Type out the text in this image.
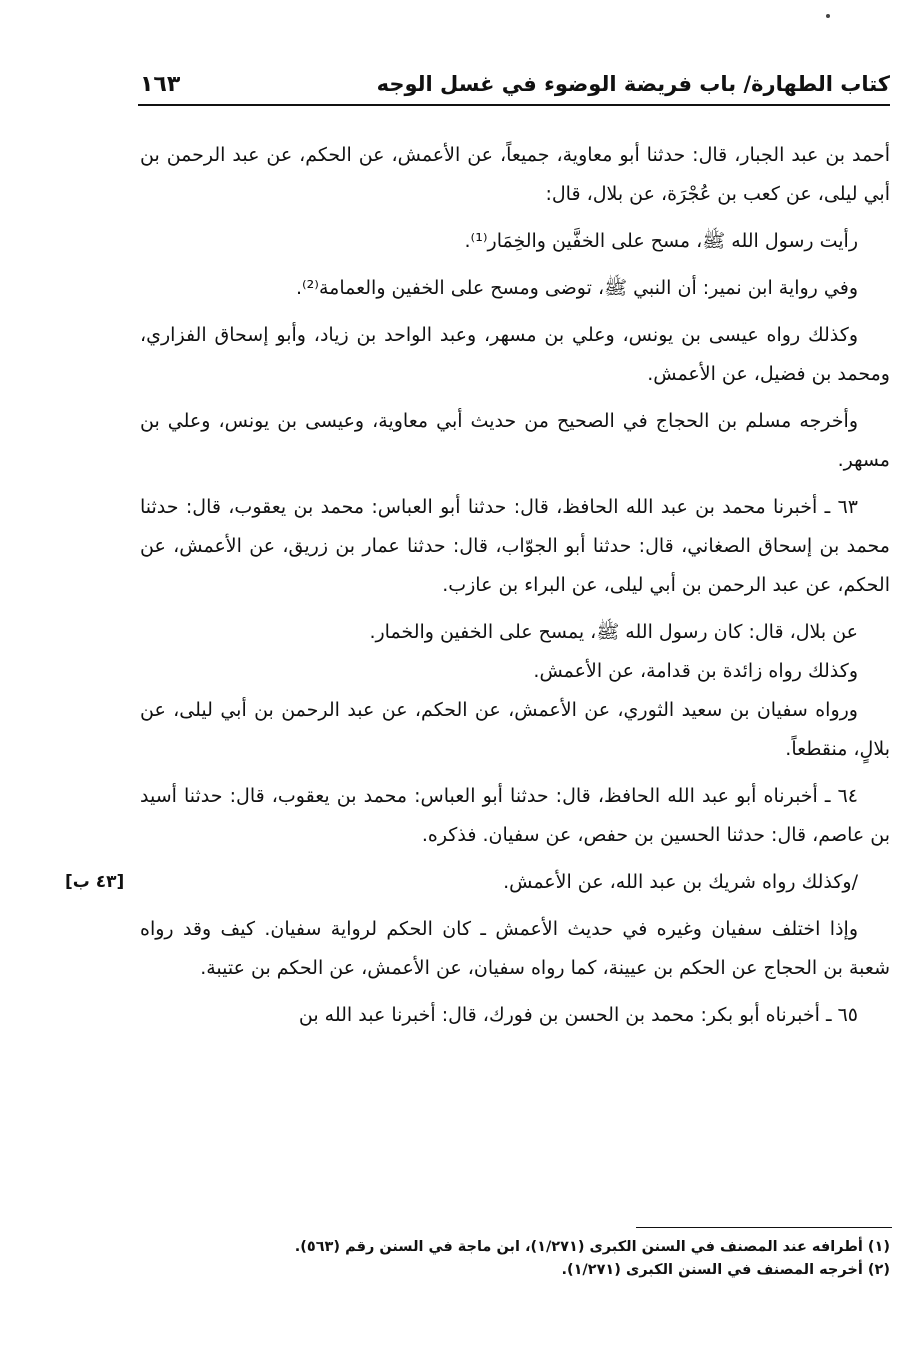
كتاب الطهارة/ باب فريضة الوضوء في غسل الوجه
١٦٣

أحمد بن عبد الجبار، قال: حدثنا أبو معاوية، جميعاً، عن الأعمش، عن الحكم، عن عبد الرحمن بن أبي ليلى، عن كعب بن عُجْرَة، عن بلال، قال:

رأيت رسول الله ﷺ، مسح على الخفَّين والخِمَار⁽¹⁾.

وفي رواية ابن نمير: أن النبي ﷺ، توضى ومسح على الخفين والعمامة⁽²⁾.

وكذلك رواه عيسى بن يونس، وعلي بن مسهر، وعبد الواحد بن زياد، وأبو إسحاق الفزاري، ومحمد بن فضيل، عن الأعمش.

وأخرجه مسلم بن الحجاج في الصحيح من حديث أبي معاوية، وعيسى بن يونس، وعلي بن مسهر.

٦٣ ـ أخبرنا محمد بن عبد الله الحافظ، قال: حدثنا أبو العباس: محمد بن يعقوب، قال: حدثنا محمد بن إسحاق الصغاني، قال: حدثنا أبو الجوّاب، قال: حدثنا عمار بن زريق، عن الأعمش، عن الحكم، عن عبد الرحمن بن أبي ليلى، عن البراء بن عازب.

عن بلال، قال: كان رسول الله ﷺ، يمسح على الخفين والخمار.

وكذلك رواه زائدة بن قدامة، عن الأعمش.

ورواه سفيان بن سعيد الثوري، عن الأعمش، عن الحكم، عن عبد الرحمن بن أبي ليلى، عن بلالٍ، منقطعاً.

٦٤ ـ أخبرناه أبو عبد الله الحافظ، قال: حدثنا أبو العباس: محمد بن يعقوب، قال: حدثنا أسيد بن عاصم، قال: حدثنا الحسين بن حفص، عن سفيان. فذكره.

/وكذلك رواه شريك بن عبد الله، عن الأعمش.
[٤٣ ب]

وإذا اختلف سفيان وغيره في حديث الأعمش ـ كان الحكم لرواية سفيان. كيف وقد رواه شعبة بن الحجاج عن الحكم بن عيينة، كما رواه سفيان، عن الأعمش، عن الحكم بن عتيبة.

٦٥ ـ أخبرناه أبو بكر: محمد بن الحسن بن فورك، قال: أخبرنا عبد الله بن

(١) أطرافه عند المصنف في السنن الكبرى (١/٢٧١)، ابن ماجة في السنن رقم (٥٦٣).

(٢) أخرجه المصنف في السنن الكبرى (١/٢٧١).
